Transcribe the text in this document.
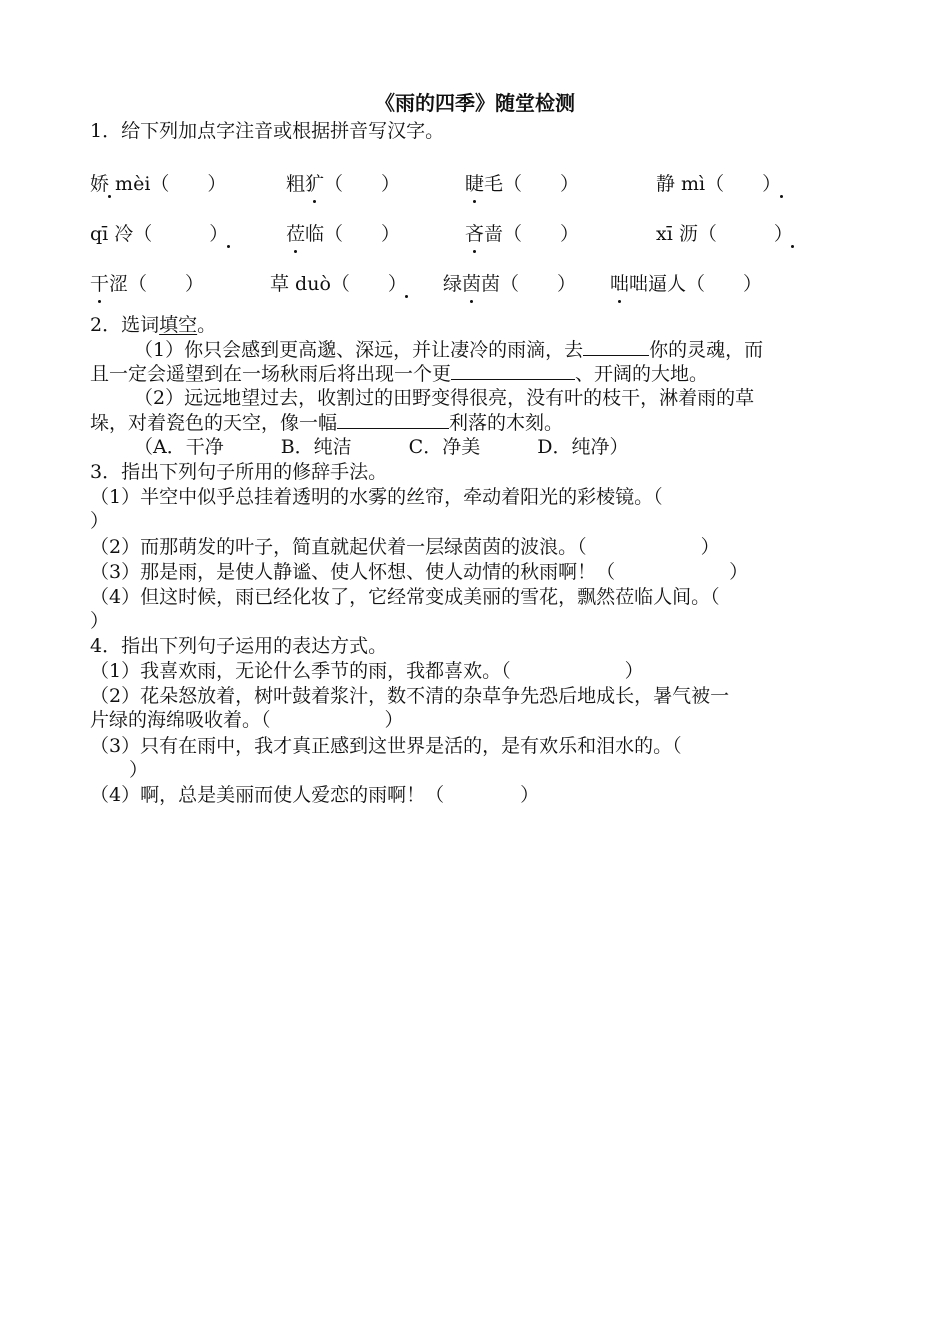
《雨的四季》随堂检测
1．给下列加点字注音或根据拼音写汉字。
娇 mèi（　　）	粗犷（　　）	睫毛（　　）	静 mì（　　）
qī 冷（　　　）	莅临（　　）	吝啬（　　）	xī 沥（　　　）
干涩（　　）	草 duò（　　） 绿茵茵（　　） 咄咄逼人（　　）
2．选词填空。
（1）你只会感到更高邈、深远，并让凄冷的雨滴，去	你的灵魂，而
且一定会遥望到在一场秋雨后将出现一个更	、开阔的大地。
（2）远远地望过去，收割过的田野变得很亮，没有叶的枝干，淋着雨的草
垛，对着瓷色的天空，像一幅	利落的木刻。
（A．干净　　　B．纯洁　　　C．净美　　　D．纯净）
3．指出下列句子所用的修辞手法。
（1）半空中似乎总挂着透明的水雾的丝帘，牵动着阳光的彩棱镜。（
）
（2）而那萌发的叶子，简直就起伏着一层绿茵茵的波浪。（　　　　　　）
（3）那是雨，是使人静谧、使人怀想、使人动情的秋雨啊！（　　　　　　）
（4）但这时候，雨已经化妆了，它经常变成美丽的雪花，飘然莅临人间。（
）
4．指出下列句子运用的表达方式。
（1）我喜欢雨，无论什么季节的雨，我都喜欢。（　　　　　　）
（2）花朵怒放着，树叶鼓着浆汁，数不清的杂草争先恐后地成长，暑气被一
片绿的海绵吸收着。（　　　　　　）
（3）只有在雨中，我才真正感到这世界是活的，是有欢乐和泪水的。（
　）
（4）啊，总是美丽而使人爱恋的雨啊！（　　　　）
